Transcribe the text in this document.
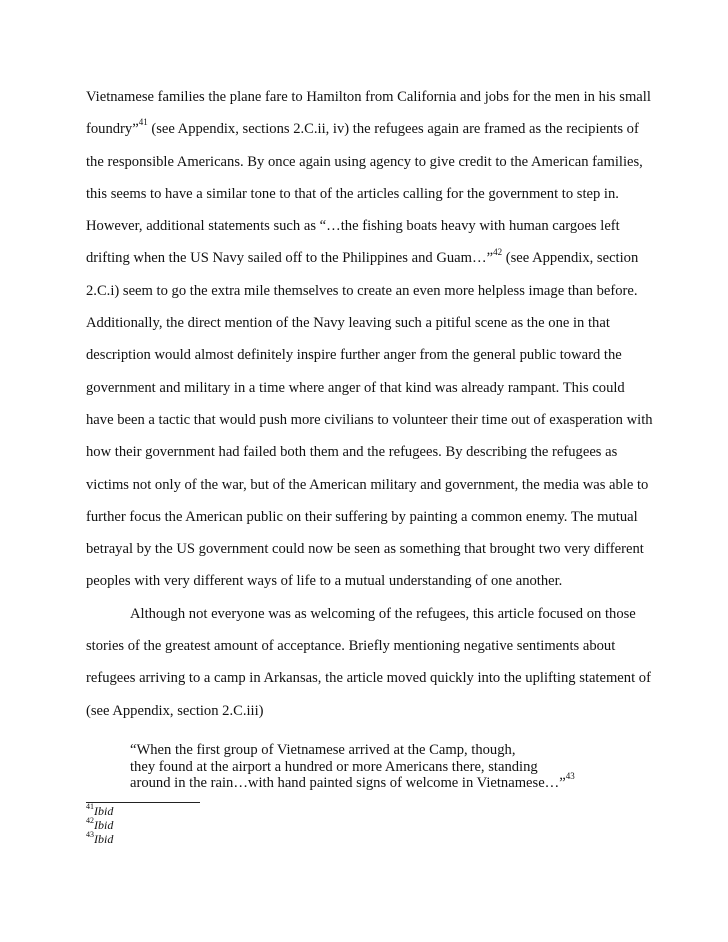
Vietnamese families the plane fare to Hamilton from California and jobs for the men in his small
foundry”$^{41}$ (see Appendix, sections 2.C.ii, iv) the refugees again are framed as the recipients of
the responsible Americans. By once again using agency to give credit to the American families,
this seems to have a similar tone to that of the articles calling for the government to step in.
However, additional statements such as “…the fishing boats heavy with human cargoes left
drifting when the US Navy sailed off to the Philippines and Guam…”$^{42}$ (see Appendix, section
2.C.i) seem to go the extra mile themselves to create an even more helpless image than before.
Additionally, the direct mention of the Navy leaving such a pitiful scene as the one in that
description would almost definitely inspire further anger from the general public toward the
government and military in a time where anger of that kind was already rampant. This could
have been a tactic that would push more civilians to volunteer their time out of exasperation with
how their government had failed both them and the refugees. By describing the refugees as
victims not only of the war, but of the American military and government, the media was able to
further focus the American public on their suffering by painting a common enemy. The mutual
betrayal by the US government could now be seen as something that brought two very different
peoples with very different ways of life to a mutual understanding of one another.
Although not everyone was as welcoming of the refugees, this article focused on those
stories of the greatest amount of acceptance. Briefly mentioning negative sentiments about
refugees arriving to a camp in Arkansas, the article moved quickly into the uplifting statement of
(see Appendix, section 2.C.iii)
“When the first group of Vietnamese arrived at the Camp, though,
they found at the airport a hundred or more Americans there, standing
around in the rain…with hand painted signs of welcome in Vietnamese…”$^{43}$
$^{41}$Ibid
$^{42}$Ibid
$^{43}$Ibid
